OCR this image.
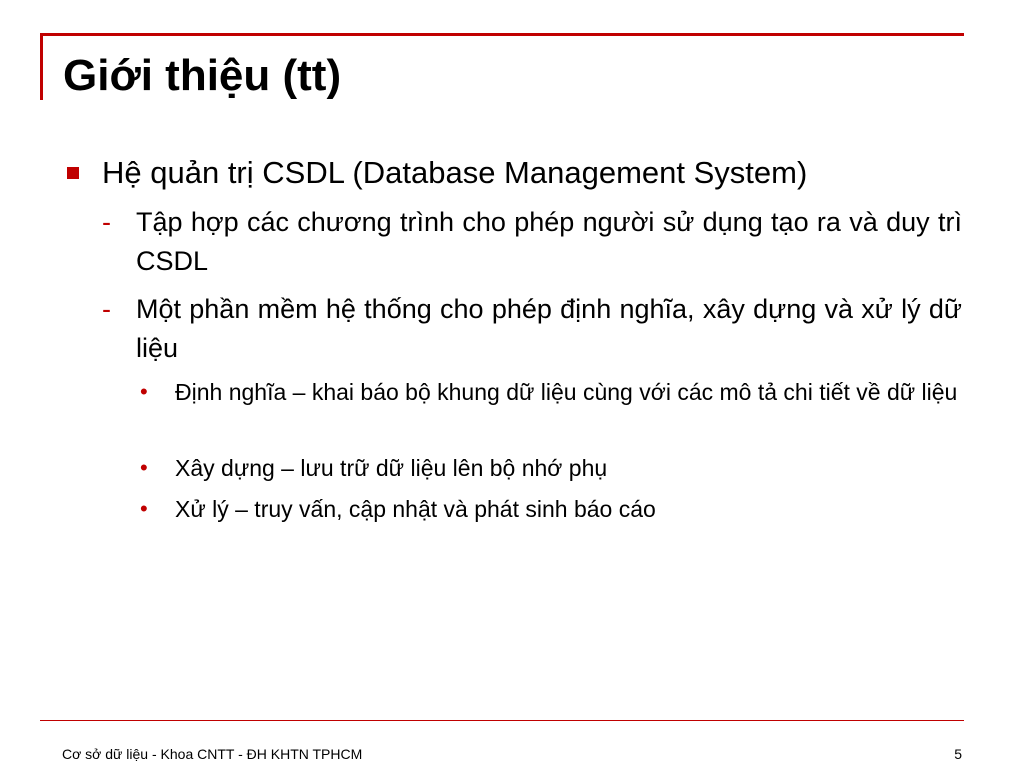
Giới thiệu (tt)
Hệ quản trị CSDL (Database Management System)
- Tập hợp các chương trình cho phép người sử dụng tạo ra và duy trì CSDL
- Một phần mềm hệ thống cho phép định nghĩa, xây dựng và xử lý dữ liệu
• Định nghĩa – khai báo bộ khung dữ liệu cùng với các mô tả chi tiết về dữ liệu
• Xây dựng – lưu trữ dữ liệu lên bộ nhớ phụ
• Xử lý – truy vấn, cập nhật và phát sinh báo cáo
Cơ sở dữ liệu - Khoa CNTT - ĐH KHTN TPHCM	5
